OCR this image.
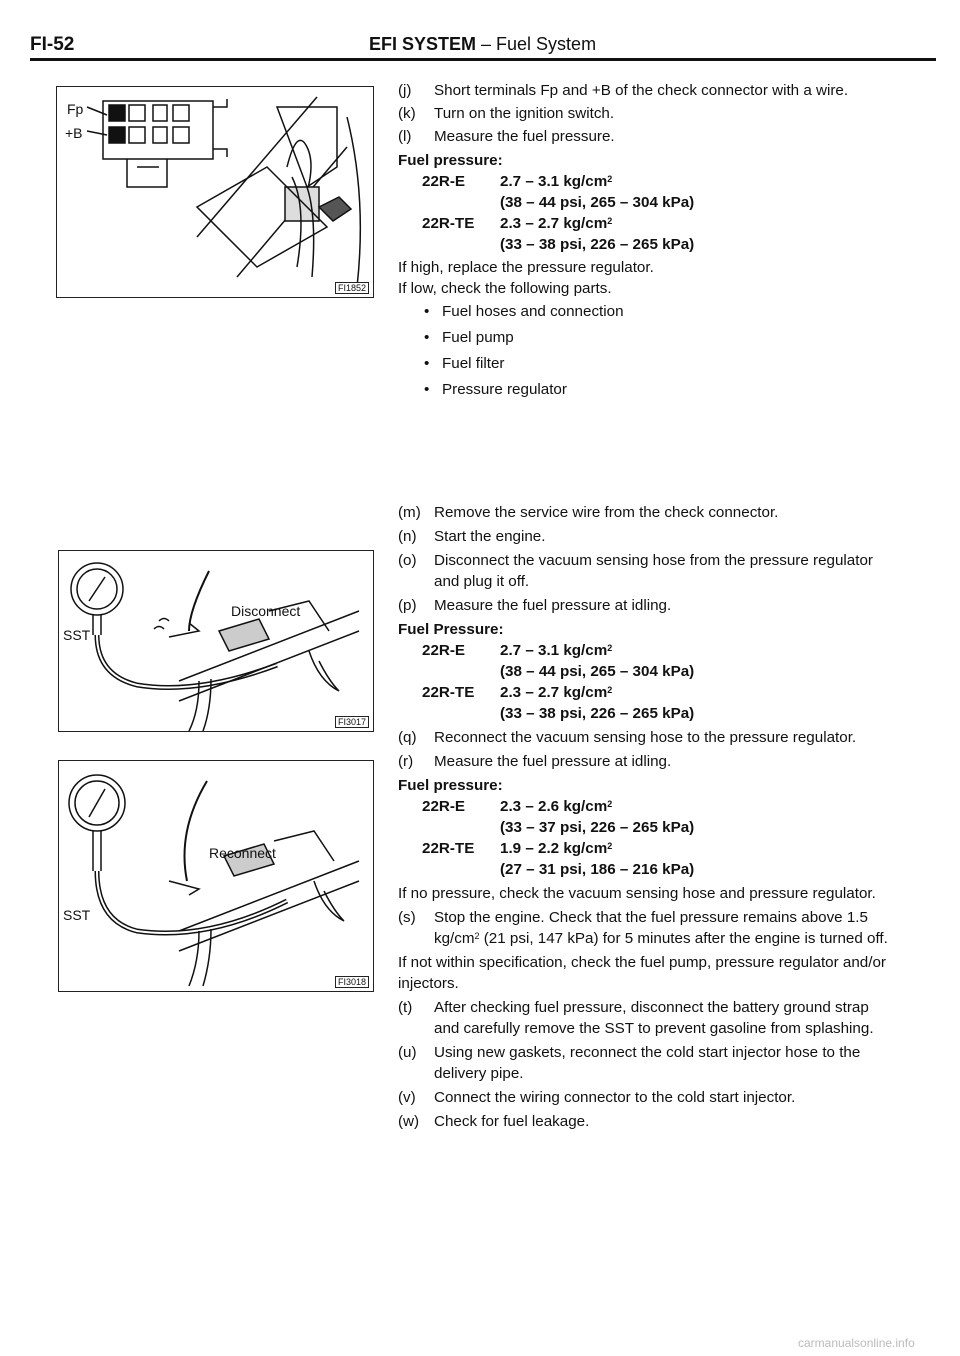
FI-52	EFI SYSTEM – Fuel System
Fp
+B
FI1852
Disconnect
SST
FI3017
Reconnect
SST
FI3018

(j) Short terminals Fp and +B of the check connector with a wire.

(k) Turn on the ignition switch.

(l) Measure the fuel pressure.

Fuel pressure:
22R-E	2.7 – 3.1 $kg/cm^2$
(38 – 44 psi, 265 – 304 kPa)
22R-TE	2.3 – 2.7 $kg/cm^2$
(33 – 38 psi, 226 – 265 kPa)

If high, replace the pressure regulator.

If low, check the following parts.

• Fuel hoses and connection
• Fuel pump
• Fuel filter
• Pressure regulator

(m) Remove the service wire from the check connector.

(n) Start the engine.

(o) Disconnect the vacuum sensing hose from the pressure regulator and plug it off.

(p) Measure the fuel pressure at idling.

Fuel Pressure:
22R-E	2.7 – 3.1 $kg/cm^2$
(38 – 44 psi, 265 – 304 kPa)
22R-TE	2.3 – 2.7 $kg/cm^2$
(33 – 38 psi, 226 – 265 kPa)

(q) Reconnect the vacuum sensing hose to the pressure regulator.

(r) Measure the fuel pressure at idling.

Fuel pressure:
22R-E	2.3 – 2.6 $kg/cm^2$
(33 – 37 psi, 226 – 265 kPa)
22R-TE	1.9 – 2.2 $kg/cm^2$
(27 – 31 psi, 186 – 216 kPa)

If no pressure, check the vacuum sensing hose and pressure regulator.

(s) Stop the engine. Check that the fuel pressure remains above 1.5 $kg/cm^2$ (21 psi, 147 kPa) for 5 minutes after the engine is turned off.

If not within specification, check the fuel pump, pressure regulator and/or injectors.

(t) After checking fuel pressure, disconnect the battery ground strap and carefully remove the SST to prevent gasoline from splashing.

(u) Using new gaskets, reconnect the cold start injector hose to the delivery pipe.

(v) Connect the wiring connector to the cold start injector.

(w) Check for fuel leakage.

carmanualsonline.info
